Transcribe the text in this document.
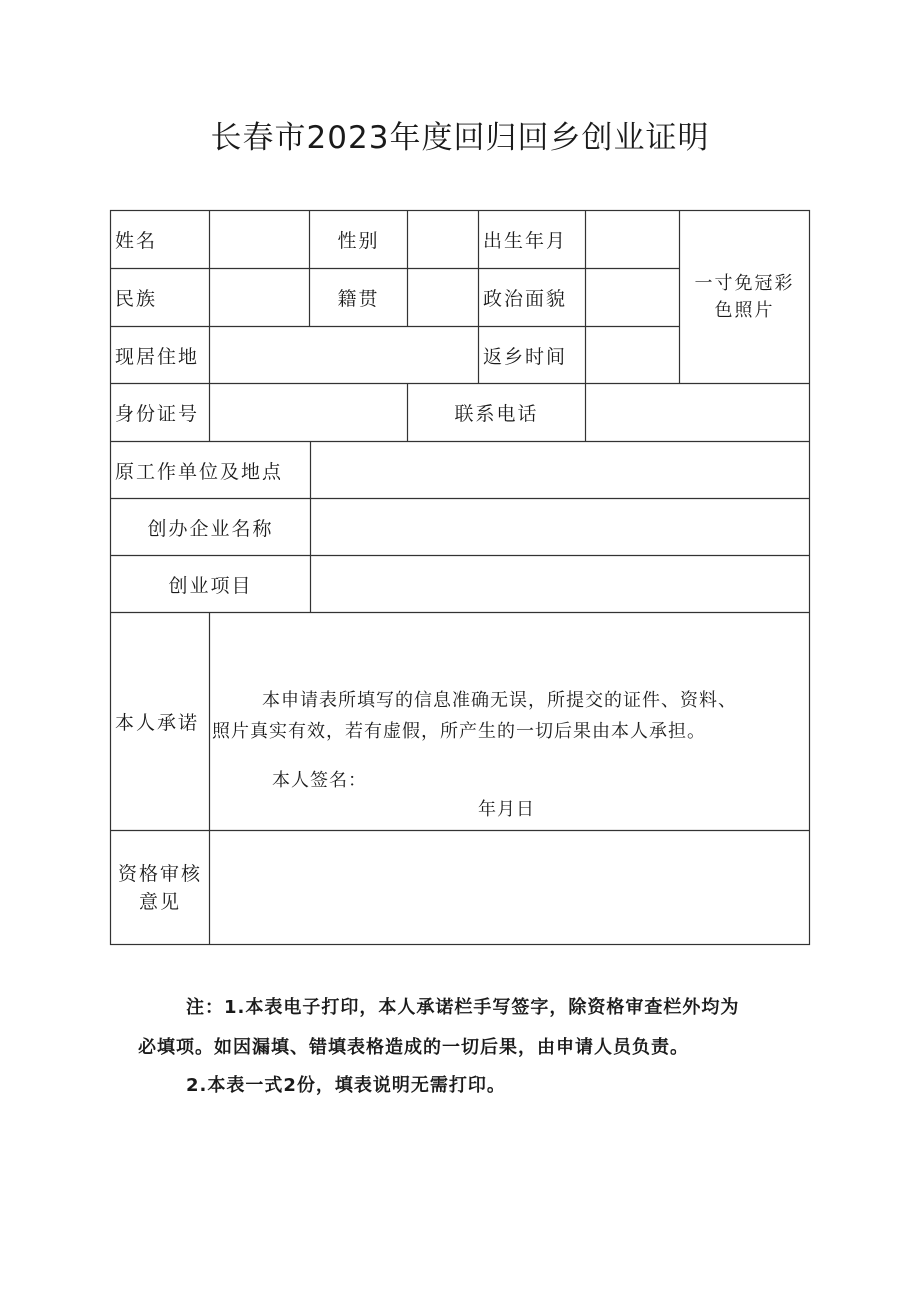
长春市2023年度回归回乡创业证明
姓名	性别	出生年月
一寸免冠彩
色照片
民族	籍贯	政治面貌
现居住地	返乡时间
身份证号	联系电话
原工作单位及地点
创办企业名称
创业项目
本人承诺
本申请表所填写的信息准确无误，所提交的证件、资料、
照片真实有效，若有虚假，所产生的一切后果由本人承担。
本人签名：
年月日
资格审核
意见
注：1.本表电子打印，本人承诺栏手写签字，除资格审查栏外均为
必填项。如因漏填、错填表格造成的一切后果，由申请人员负责。
2.本表一式2份，填表说明无需打印。
